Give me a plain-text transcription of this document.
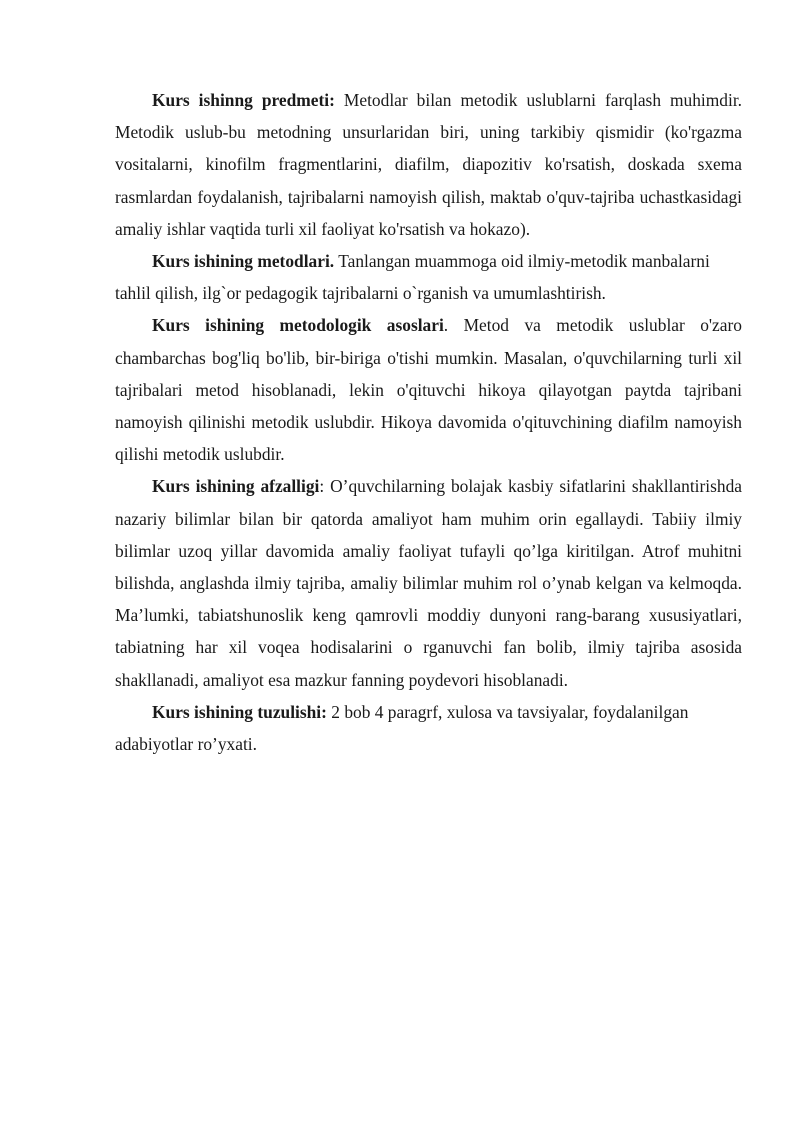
Kurs ishinng predmeti: Metodlar bilan metodik uslublarni farqlash muhimdir. Metodik uslub-bu metodning unsurlaridan biri, uning tarkibiy qismidir (ko'rgazma vositalarni, kinofilm fragmentlarini, diafilm, diapozitiv ko'rsatish, doskada sxema rasmlardan foydalanish, tajribalarni namoyish qilish, maktab o'quv-tajriba uchastkasidagi amaliy ishlar vaqtida turli xil faoliyat ko'rsatish va hokazo).

Kurs ishining metodlari. Tanlangan muammoga oid ilmiy-metodik manbalarni

tahlil qilish, ilg`or pedagogik tajribalarni o`rganish va umumlashtirish.

Kurs ishining metodologik asoslari. Metod va metodik uslublar o'zaro chambarchas bog'liq bo'lib, bir-biriga o'tishi mumkin. Masalan, o'quvchilarning turli xil tajribalari metod hisoblanadi, lekin o'qituvchi hikoya qilayotgan paytda tajribani namoyish qilinishi metodik uslubdir. Hikoya davomida o'qituvchining diafilm namoyish qilishi metodik uslubdir.

Kurs ishining afzalligi: O’quvchilarning bolajak kasbiy sifatlarini shakllantirishda nazariy bilimlar bilan bir qatorda amaliyot ham muhim orin egallaydi. Tabiiy ilmiy bilimlar uzoq yillar davomida amaliy faoliyat tufayli qo’lga kiritilgan. Atrof muhitni bilishda, anglashda ilmiy tajriba, amaliy bilimlar muhim rol o’ynab kelgan va kelmoqda. Ma’lumki, tabiatshunoslik keng qamrovli moddiy dunyoni rang-barang xususiyatlari, tabiatning har xil voqea hodisalarini o rganuvchi fan bolib, ilmiy tajriba asosida shakllanadi, amaliyot esa mazkur fanning poydevori hisoblanadi.

Kurs ishining tuzulishi: 2 bob 4 paragrf, xulosa va tavsiyalar, foydalanilgan adabiyotlar ro’yxati.
